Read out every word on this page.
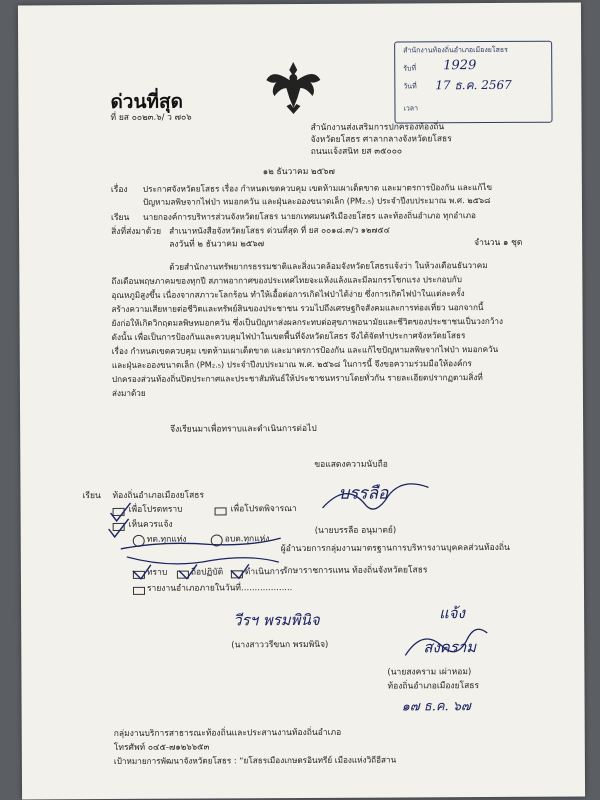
ด่วนที่สุด
ที่ ยส ๐๐๒๓.๖/ ว ๗๐๖
สำนักงานท้องถิ่นอำเภอเมืองยโสธร
รับที่ 1929
วันที่ 17 ธ.ค. 2567
เวลา
สำนักงานส่งเสริมการปกครองท้องถิ่น
จังหวัดยโสธร ศาลากลางจังหวัดยโสธร
ถนนแจ้งสนิท ยส ๓๕๐๐๐
๑๒ ธันวาคม ๒๕๖๗
เรื่อง ประกาศจังหวัดยโสธร เรื่อง กำหนดเขตควบคุม เขตห้ามเผาเด็ดขาด และมาตรการป้องกัน และแก้ไข
ปัญหามลพิษจากไฟป่า หมอกควัน และฝุ่นละอองขนาดเล็ก (PM₂.₅) ประจำปีงบประมาณ พ.ศ. ๒๕๖๘
เรียน นายกองค์การบริหารส่วนจังหวัดยโสธร นายกเทศมนตรีเมืองยโสธร และท้องถิ่นอำเภอ ทุกอำเภอ
สิ่งที่ส่งมาด้วย สำเนาหนังสือจังหวัดยโสธร ด่วนที่สุด ที่ ยส ๐๐๑๘.๓/ว ๑๒๗๕๔
ลงวันที่ ๒ ธันวาคม ๒๕๖๗	จำนวน ๑ ชุด
ด้วยสำนักงานทรัพยากรธรรมชาติและสิ่งแวดล้อมจังหวัดยโสธรแจ้งว่า ในห้วงเดือนธันวาคม
ถึงเดือนพฤษภาคมของทุกปี สภาพอากาศของประเทศไทยจะแห้งแล้งและมีลมกรรโชกแรง ประกอบกับ
อุณหภูมิสูงขึ้น เนื่องจากสภาวะโลกร้อน ทำให้เอื้อต่อการเกิดไฟป่าได้ง่าย ซึ่งการเกิดไฟป่าในแต่ละครั้ง
สร้างความเสียหายต่อชีวิตและทรัพย์สินของประชาชน รวมไปถึงเศรษฐกิจสังคมและการท่องเที่ยว นอกจากนี้
ยังก่อให้เกิดวิกฤตมลพิษหมอกควัน ซึ่งเป็นปัญหาส่งผลกระทบต่อสุขภาพอนามัยและชีวิตของประชาชนเป็นวงกว้าง
ดังนั้น เพื่อเป็นการป้องกันและควบคุมไฟป่าในเขตพื้นที่จังหวัดยโสธร จึงได้จัดทำประกาศจังหวัดยโสธร
เรื่อง กำหนดเขตควบคุม เขตห้ามเผาเด็ดขาด และมาตรการป้องกัน และแก้ไขปัญหามลพิษจากไฟป่า หมอกควัน
และฝุ่นละอองขนาดเล็ก (PM₂.₅) ประจำปีงบประมาณ พ.ศ. ๒๕๖๘ ในการนี้ จึงขอความร่วมมือให้องค์กร
ปกครองส่วนท้องถิ่นปิดประกาศและประชาสัมพันธ์ให้ประชาชนทราบโดยทั่วกัน รายละเอียดปรากฏตามสิ่งที่
ส่งมาด้วย
จึงเรียนมาเพื่อทราบและดำเนินการต่อไป
ขอแสดงความนับถือ
เรียน ท้องถิ่นอำเภอเมืองยโสธร
เพื่อโปรดทราบ	เพื่อโปรดพิจารณา
เห็นควรแจ้ง
ทต.ทุกแห่ง	อบต.ทุกแห่ง
ทราบ	ถือปฏิบัติ	ดำเนินการ
รายงานอำเภอภายในวันที่...................
บรรลือ
(นายบรรลือ อนุมาตย์)
ผู้อำนวยการกลุ่มงานมาตรฐานการบริหารงานบุคคลส่วนท้องถิ่น
รักษาราชการแทน ท้องถิ่นจังหวัดยโสธร
วีรฯ พรมพินิจ
(นางสาววรีขนก พรมพินิจ)
แจ้ง
สงคราม
(นายสงคราม เผ่าหอม)
ท้องถิ่นอำเภอเมืองยโสธร
๑๗ ธ.ค. ๖๗
กลุ่มงานบริการสาธารณะท้องถิ่นและประสานงานท้องถิ่นอำเภอ
โทรศัพท์ ๐๔๕-๗๑๒๖๖๕๓
เป้าหมายการพัฒนาจังหวัดยโสธร : “ยโสธรเมืองเกษตรอินทรีย์ เมืองแห่งวิถีอีสาน
